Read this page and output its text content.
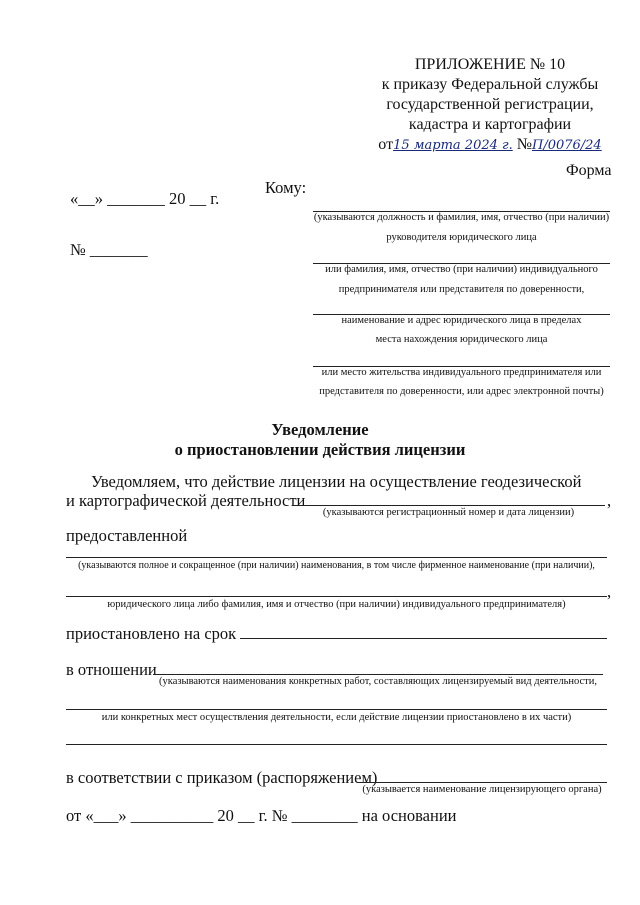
ПРИЛОЖЕНИЕ № 10
к приказу Федеральной службы
государственной регистрации,
кадастра и картографии
от15 марта 2024 г. №П/0076/24
Форма
«__» _______ 20 __ г.
Кому:
№ _______
(указываются должность и фамилия, имя, отчество (при наличии)
руководителя юридического лица
или фамилия, имя, отчество (при наличии) индивидуального
предпринимателя или представителя по доверенности,
наименование и адрес юридического лица в пределах
места нахождения юридического лица
или место жительства индивидуального предпринимателя или
представителя по доверенности, или адрес электронной почты)
Уведомление
о приостановлении действия лицензии
Уведомляем, что действие лицензии на осуществление геодезической
и картографической деятельности	,
(указываются регистрационный номер и дата лицензии)
предоставленной
(указываются полное и сокращенное (при наличии) наименования, в том числе фирменное наименование (при наличии),
,
юридического лица либо фамилия, имя и отчество (при наличии) индивидуального предпринимателя)
приостановлено на срок
в отношении
(указываются наименования конкретных работ, составляющих лицензируемый вид деятельности,
или конкретных мест осуществления деятельности, если действие лицензии приостановлено в их части)
в соответствии с приказом (распоряжением)
(указывается наименование лицензирующего органа)
от «___» __________ 20 __ г. № ________ на основании
